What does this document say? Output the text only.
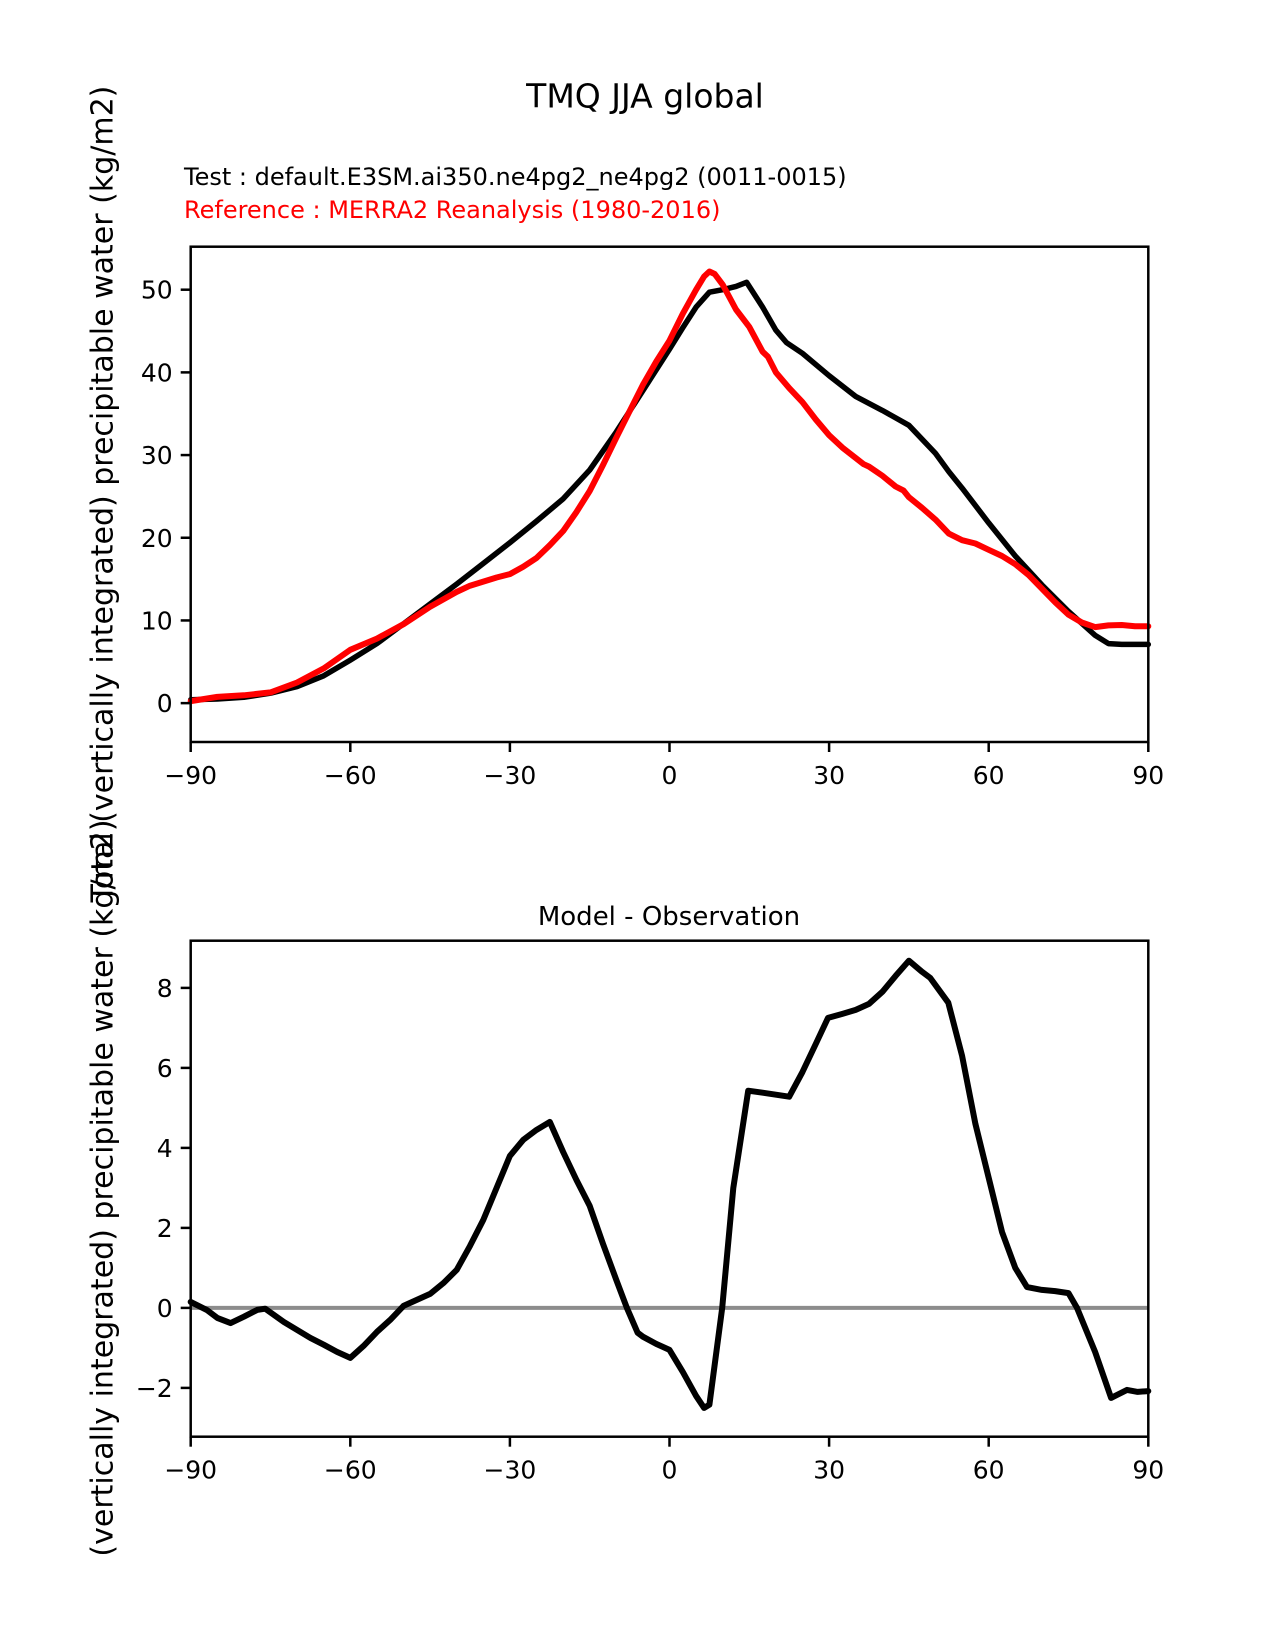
TMQ JJA global
Test : default.E3SM.ai350.ne4pg2_ne4pg2 (0011-0015)
Reference : MERRA2 Reanalysis (1980-2016)
Total (vertically integrated) precipitable water (kg/m2)
(vertically integrated) precipitable water (kg/m2)	Model - Observation
−90	−60	−30	0	30	60	90
0
10
20
30
40
50
−90	−60	−30	0	30	60	90
−2
0
2
4
6
8
